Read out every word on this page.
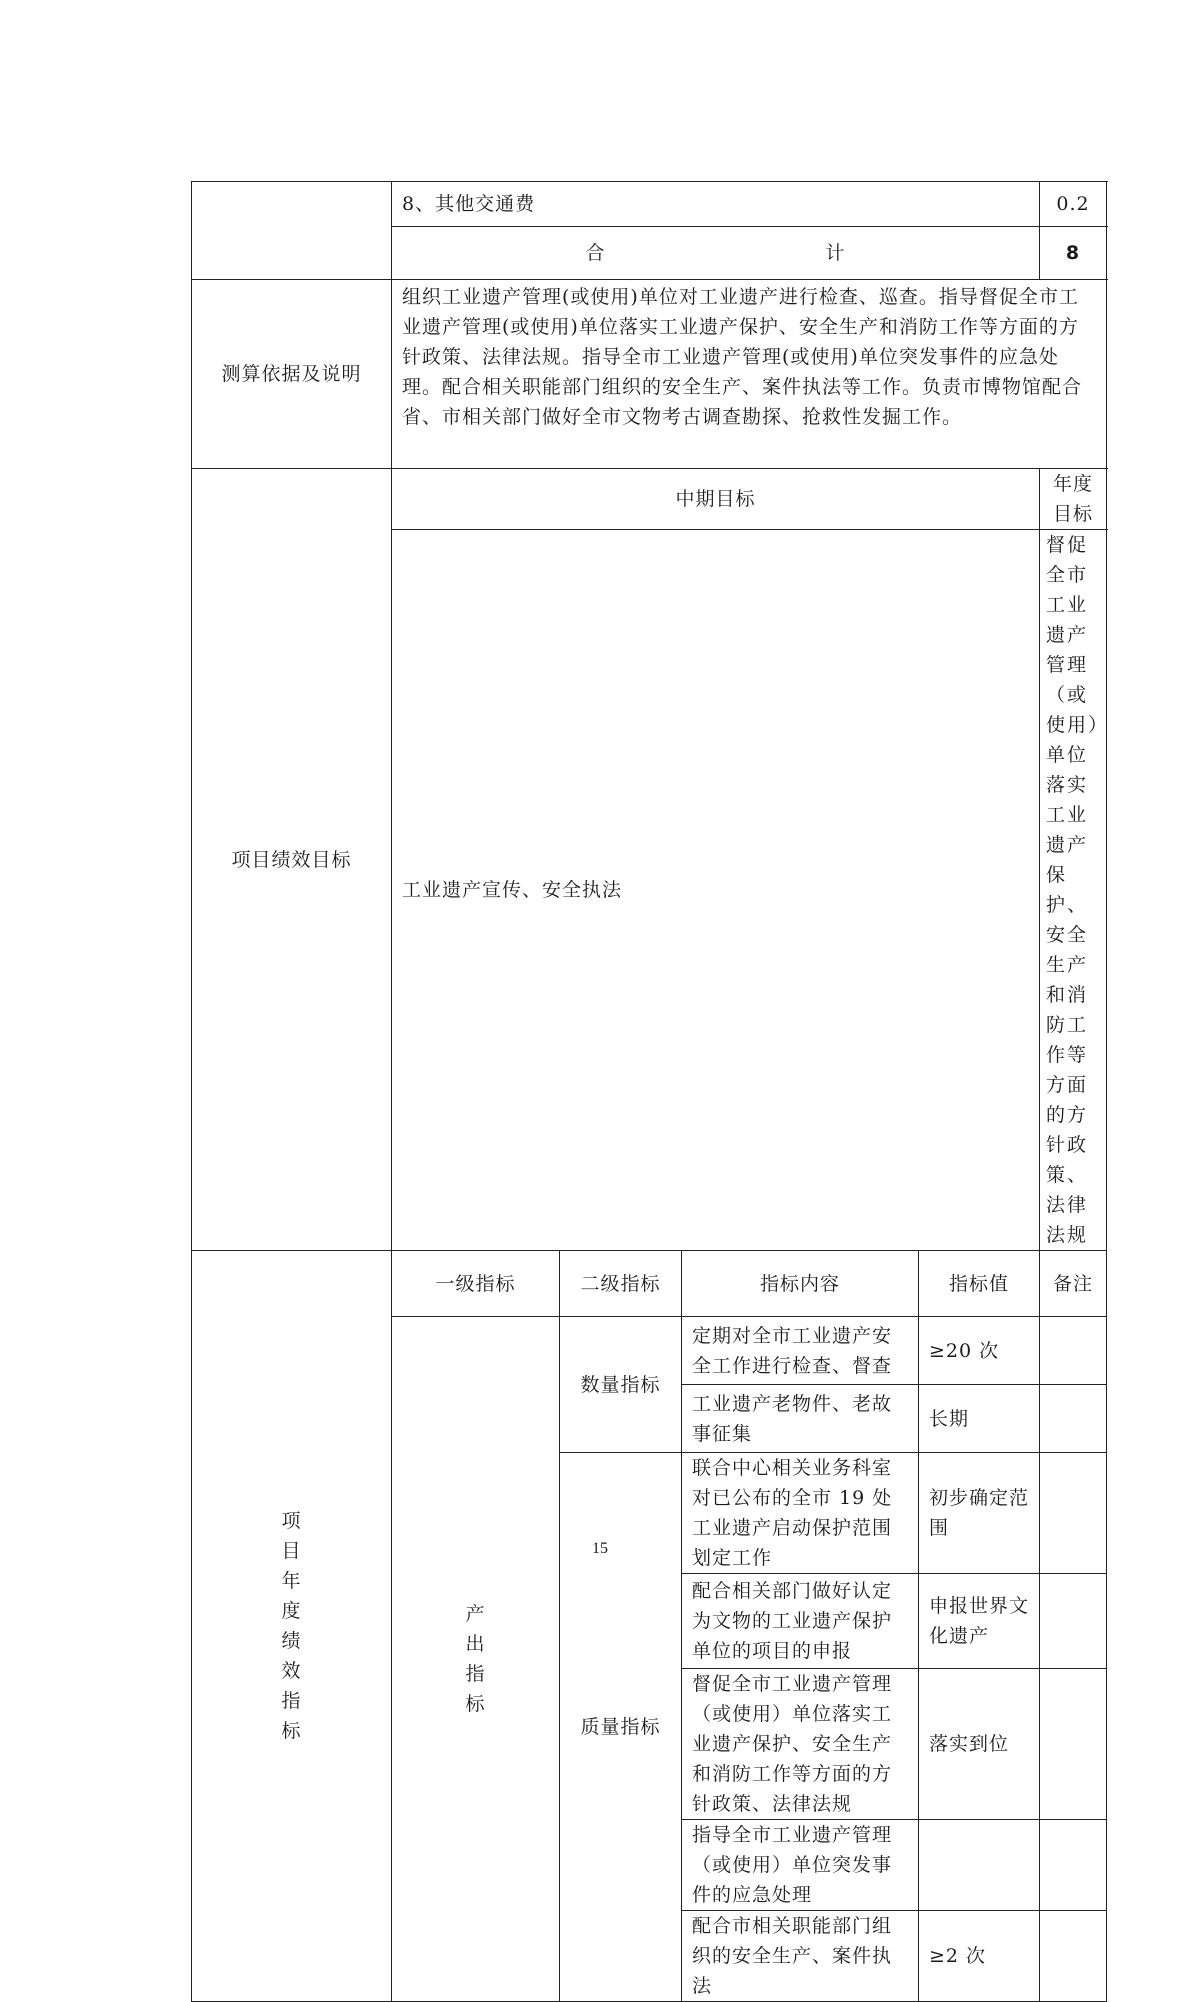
	8、其他交通费				0.2
	合 计				8
测算依据及说明	组织工业遗产管理(或使用)单位对工业遗产进行检查、巡查。指导督促全市工业遗产管理(或使用)单位落实工业遗产保护、安全生产和消防工作等方面的方针政策、法律法规。指导全市工业遗产管理(或使用)单位突发事件的应急处理。配合相关职能部门组织的安全生产、案件执法等工作。负责市博物馆配合省、市相关部门做好全市文物考古调查勘探、抢救性发掘工作。				
项目绩效目标	中期目标				年度目标
	工业遗产宣传、安全执法				督促全市工业遗产管理（或使用）单位落实工业遗产保护、安全生产和消防工作等方面的方针政策、法律法规
项目年度绩效指标	一级指标	二级指标	指标内容	指标值	备注
	产出指标	数量指标	定期对全市工业遗产安全工作进行检查、督查	≥20 次	
			工业遗产老物件、老故事征集	长期	
		质量指标	联合中心相关业务科室对已公布的全市 19 处工业遗产启动保护范围划定工作	初步确定范围	
			配合相关部门做好认定为文物的工业遗产保护单位的项目的申报	申报世界文化遗产	
			督促全市工业遗产管理（或使用）单位落实工业遗产保护、安全生产和消防工作等方面的方针政策、法律法规	落实到位	
			指导全市工业遗产管理（或使用）单位突发事件的应急处理		
			配合市相关职能部门组织的安全生产、案件执法	≥2 次	
15
